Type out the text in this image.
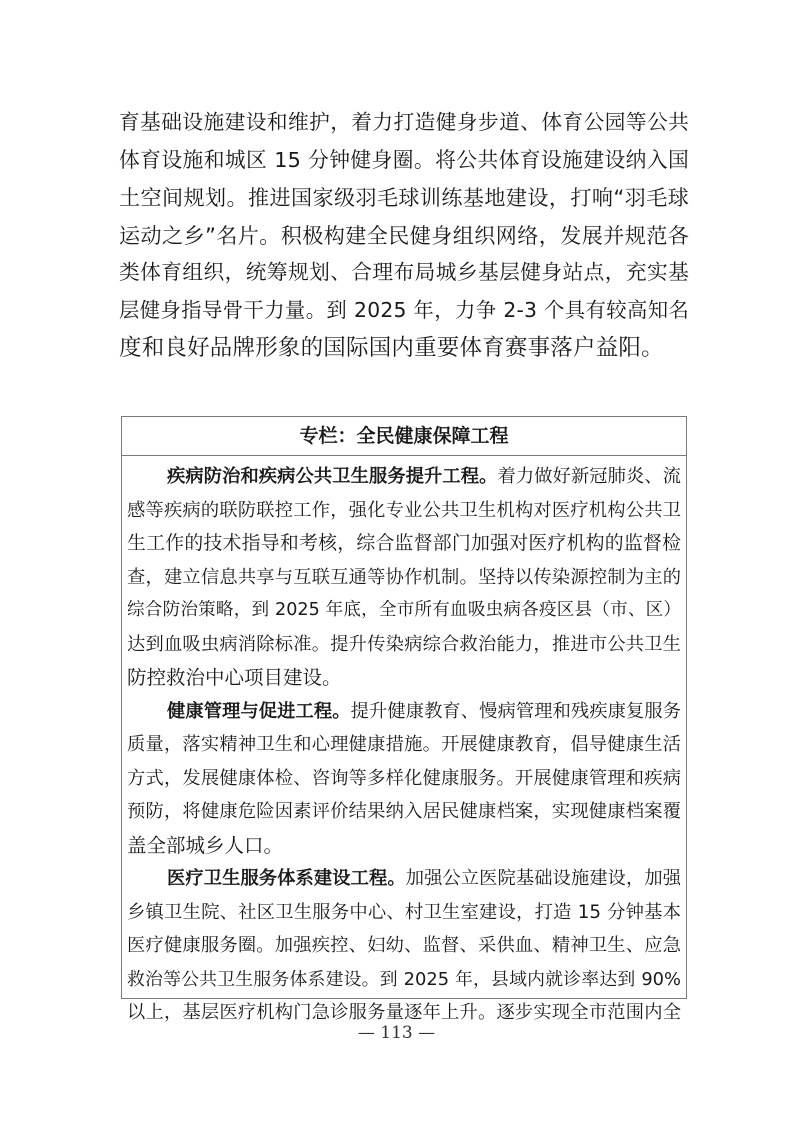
育基础设施建设和维护，着力打造健身步道、体育公园等公共
体育设施和城区 15 分钟健身圈。将公共体育设施建设纳入国
土空间规划。推进国家级羽毛球训练基地建设，打响“羽毛球
运动之乡”名片。积极构建全民健身组织网络，发展并规范各
类体育组织，统筹规划、合理布局城乡基层健身站点，充实基
层健身指导骨干力量。到 2025 年，力争 2-3 个具有较高知名
度和良好品牌形象的国际国内重要体育赛事落户益阳。
专栏：全民健康保障工程
疾病防治和疾病公共卫生服务提升工程。着力做好新冠肺炎、流
感等疾病的联防联控工作，强化专业公共卫生机构对医疗机构公共卫
生工作的技术指导和考核，综合监督部门加强对医疗机构的监督检
查，建立信息共享与互联互通等协作机制。坚持以传染源控制为主的
综合防治策略，到 2025 年底，全市所有血吸虫病各疫区县（市、区）
达到血吸虫病消除标准。提升传染病综合救治能力，推进市公共卫生
防控救治中心项目建设。
健康管理与促进工程。提升健康教育、慢病管理和残疾康复服务
质量，落实精神卫生和心理健康措施。开展健康教育，倡导健康生活
方式，发展健康体检、咨询等多样化健康服务。开展健康管理和疾病
预防，将健康危险因素评价结果纳入居民健康档案，实现健康档案覆
盖全部城乡人口。
医疗卫生服务体系建设工程。加强公立医院基础设施建设，加强
乡镇卫生院、社区卫生服务中心、村卫生室建设，打造 15 分钟基本
医疗健康服务圈。加强疾控、妇幼、监督、采供血、精神卫生、应急
救治等公共卫生服务体系建设。到 2025 年，县域内就诊率达到 90%
以上，基层医疗机构门急诊服务量逐年上升。逐步实现全市范围内全
— 113 —
